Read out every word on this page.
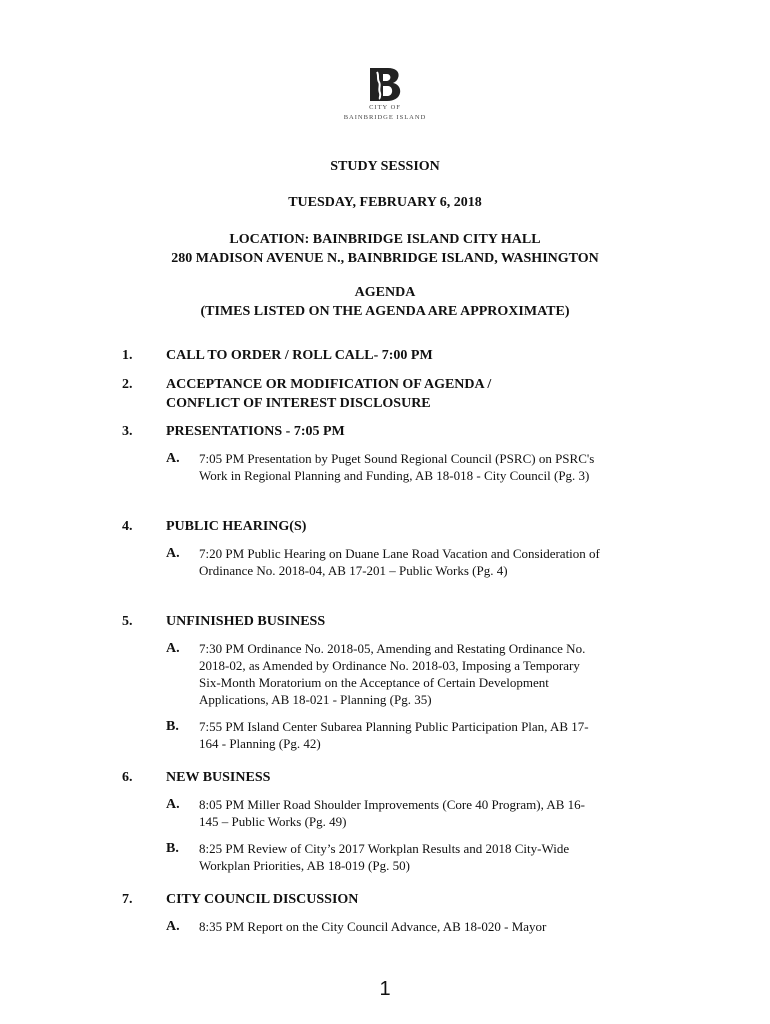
CITY OF
BAINBRIDGE ISLAND
STUDY SESSION
TUESDAY, FEBRUARY 6, 2018
LOCATION: BAINBRIDGE ISLAND CITY HALL
280 MADISON AVENUE N., BAINBRIDGE ISLAND, WASHINGTON
AGENDA
(TIMES LISTED ON THE AGENDA ARE APPROXIMATE)
1. CALL TO ORDER / ROLL CALL- 7:00 PM
2. ACCEPTANCE OR MODIFICATION OF AGENDA / CONFLICT OF INTEREST DISCLOSURE
3. PRESENTATIONS - 7:05 PM
A. 7:05 PM Presentation by Puget Sound Regional Council (PSRC) on PSRC's Work in Regional Planning and Funding, AB 18-018 - City Council (Pg. 3)
4. PUBLIC HEARING(S)
A. 7:20 PM Public Hearing on Duane Lane Road Vacation and Consideration of Ordinance No. 2018-04, AB 17-201 – Public Works (Pg. 4)
5. UNFINISHED BUSINESS
A. 7:30 PM Ordinance No. 2018-05, Amending and Restating Ordinance No. 2018-02, as Amended by Ordinance No. 2018-03, Imposing a Temporary Six-Month Moratorium on the Acceptance of Certain Development Applications, AB 18-021 - Planning (Pg. 35)
B. 7:55 PM Island Center Subarea Planning Public Participation Plan, AB 17-164 - Planning (Pg. 42)
6. NEW BUSINESS
A. 8:05 PM Miller Road Shoulder Improvements (Core 40 Program), AB 16-145 – Public Works (Pg. 49)
B. 8:25 PM Review of City’s 2017 Workplan Results and 2018 City-Wide Workplan Priorities, AB 18-019 (Pg. 50)
7. CITY COUNCIL DISCUSSION
A. 8:35 PM Report on the City Council Advance, AB 18-020 - Mayor
1
